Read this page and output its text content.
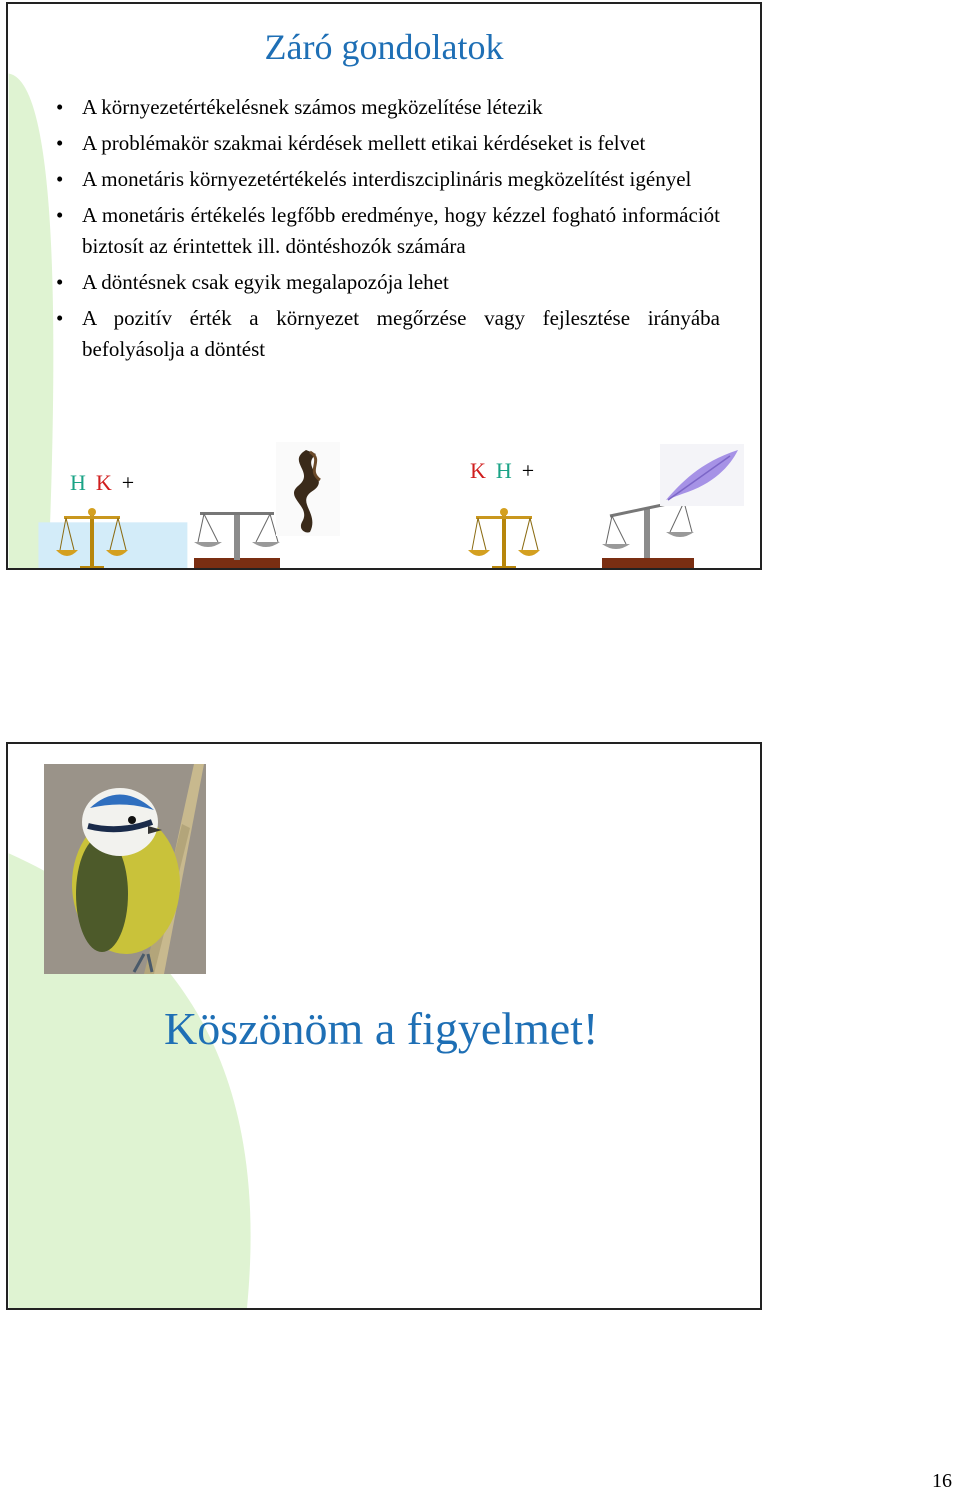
Záró gondolatok
• A környezetértékelésnek számos megközelítése létezik
• A problémakör szakmai kérdések mellett etikai kérdéseket is felvet
• A monetáris környezetértékelés interdiszciplináris megközelítést igényel
• A monetáris értékelés legfőbb eredménye, hogy kézzel fogható információt biztosít az érintettek ill. döntéshozók számára
• A döntésnek csak egyik megalapozója lehet
• A pozitív érték a környezet megőrzése vagy fejlesztése irányába befolyásolja a döntést
H K +	K H +
Köszönöm a figyelmet!
16
